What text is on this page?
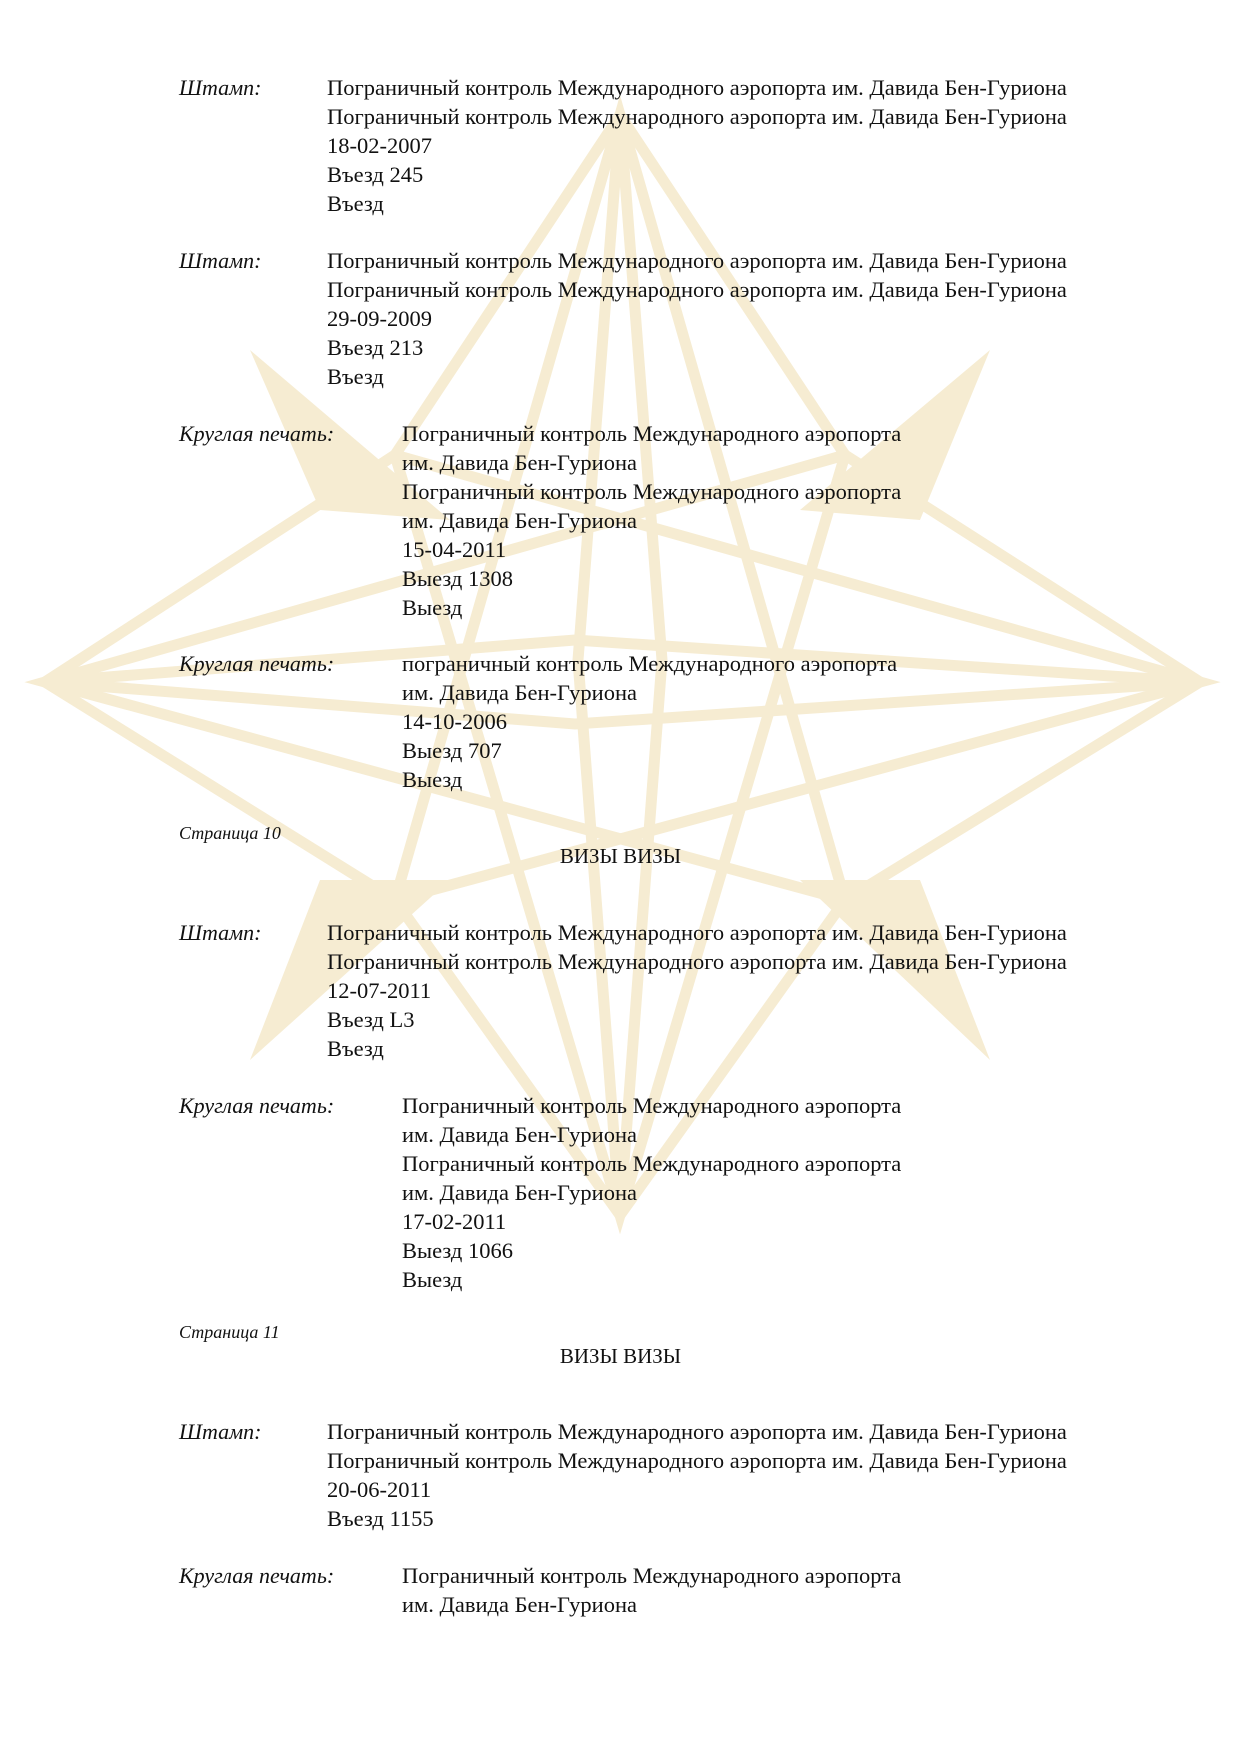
Штамп:	Пограничный контроль Международного аэропорта им. Давида Бен-Гуриона
Пограничный контроль Международного аэропорта им. Давида Бен-Гуриона
18-02-2007
Въезд 245
Въезд
Штамп:	Пограничный контроль Международного аэропорта им. Давида Бен-Гуриона
Пограничный контроль Международного аэропорта им. Давида Бен-Гуриона
29-09-2009
Въезд 213
Въезд
Круглая печать:	Пограничный контроль Международного аэропорта
им. Давида Бен-Гуриона
Пограничный контроль Международного аэропорта
им. Давида Бен-Гуриона
15-04-2011
Выезд 1308
Выезд
Круглая печать:	пограничный контроль Международного аэропорта
им. Давида Бен-Гуриона
14-10-2006
Выезд 707
Выезд
Страница 10
ВИЗЫ ВИЗЫ
Штамп:	Пограничный контроль Международного аэропорта им. Давида Бен-Гуриона
Пограничный контроль Международного аэропорта им. Давида Бен-Гуриона
12-07-2011
Въезд L3
Въезд
Круглая печать:	Пограничный контроль Международного аэропорта
им. Давида Бен-Гуриона
Пограничный контроль Международного аэропорта
им. Давида Бен-Гуриона
17-02-2011
Выезд 1066
Выезд
Страница 11
ВИЗЫ ВИЗЫ
Штамп:	Пограничный контроль Международного аэропорта им. Давида Бен-Гуриона
Пограничный контроль Международного аэропорта им. Давида Бен-Гуриона
20-06-2011
Въезд 1155
Круглая печать:	Пограничный контроль Международного аэропорта
им. Давида Бен-Гуриона
